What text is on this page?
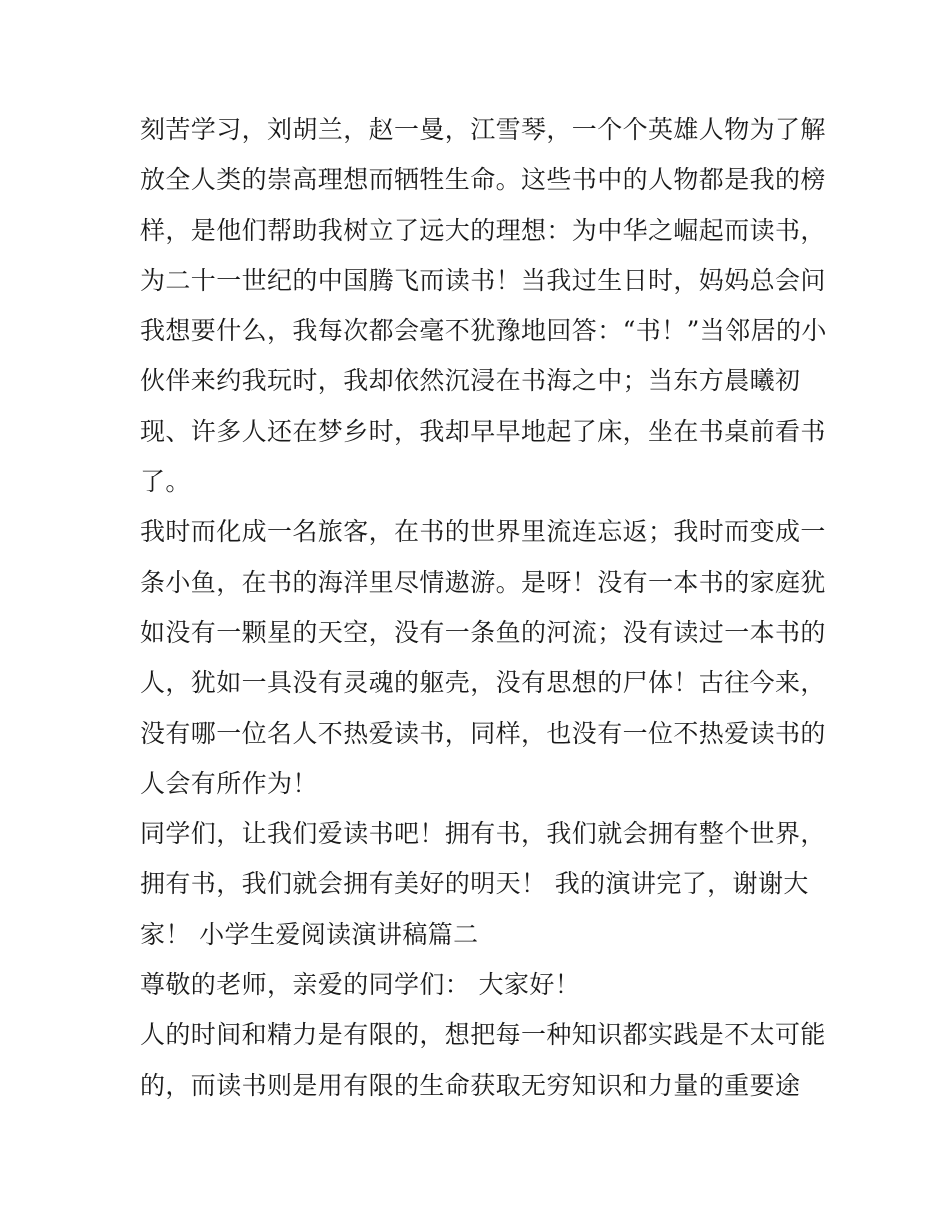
刻苦学习，刘胡兰，赵一曼，江雪琴，一个个英雄人物为了解
放全人类的崇高理想而牺牲生命。这些书中的人物都是我的榜
样，是他们帮助我树立了远大的理想：为中华之崛起而读书，
为二十一世纪的中国腾飞而读书！当我过生日时，妈妈总会问
我想要什么，我每次都会毫不犹豫地回答：“书！”当邻居的小
伙伴来约我玩时，我却依然沉浸在书海之中；当东方晨曦初
现、许多人还在梦乡时，我却早早地起了床，坐在书桌前看书
了。
我时而化成一名旅客，在书的世界里流连忘返；我时而变成一
条小鱼，在书的海洋里尽情遨游。是呀！没有一本书的家庭犹
如没有一颗星的天空，没有一条鱼的河流；没有读过一本书的
人，犹如一具没有灵魂的躯壳，没有思想的尸体！古往今来，
没有哪一位名人不热爱读书，同样，也没有一位不热爱读书的
人会有所作为！
同学们，让我们爱读书吧！拥有书，我们就会拥有整个世界，
拥有书，我们就会拥有美好的明天！ 我的演讲完了，谢谢大
家！ 小学生爱阅读演讲稿篇二
尊敬的老师，亲爱的同学们： 大家好！
人的时间和精力是有限的，想把每一种知识都实践是不太可能
的，而读书则是用有限的生命获取无穷知识和力量的重要途
